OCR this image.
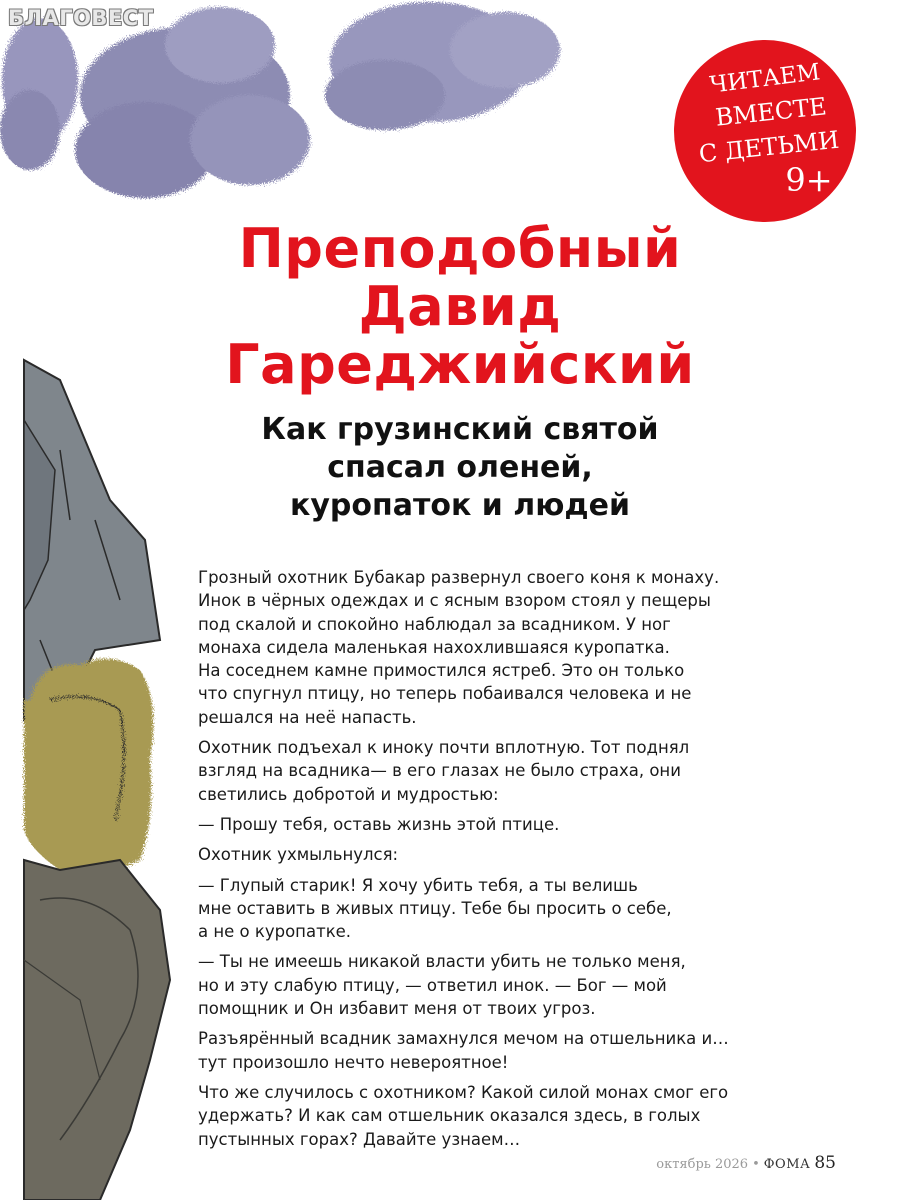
БЛАГОВЕСТ
ЧИТАЕМ
ВМЕСТЕ
С ДЕТЬМИ
9+
Преподобный
Давид
Гареджийский
Как грузинский святой
спасал оленей,
куропаток и людей

Грозный охотник Бубакар развернул своего коня к монаху.
Инок в чёрных одеждах и с ясным взором стоял у пещеры
под скалой и спокойно наблюдал за всадником. У ног
монаха сидела маленькая нахохлившаяся куропатка.
На соседнем камне примостился ястреб. Это он только
что спугнул птицу, но теперь побаивался человека и не
решался на неё напасть.

Охотник подъехал к иноку почти вплотную. Тот поднял
взгляд на всадника— в его глазах не было страха, они
светились добротой и мудростью:

— Прошу тебя, оставь жизнь этой птице.

Охотник ухмыльнулся:

— Глупый старик! Я хочу убить тебя, а ты велишь
мне оставить в живых птицу. Тебе бы просить о себе,
а не о куропатке.

— Ты не имеешь никакой власти убить не только меня,
но и эту слабую птицу, — ответил инок. — Бог — мой
помощник и Он избавит меня от твоих угроз.

Разъярённый всадник замахнулся мечом на отшельника и…
тут произошло нечто невероятное!

Что же случилось с охотником? Какой силой монах смог его
удержать? И как сам отшельник оказался здесь, в голых
пустынных горах? Давайте узнаем…

октябрь 2026 • ФОМА 85
